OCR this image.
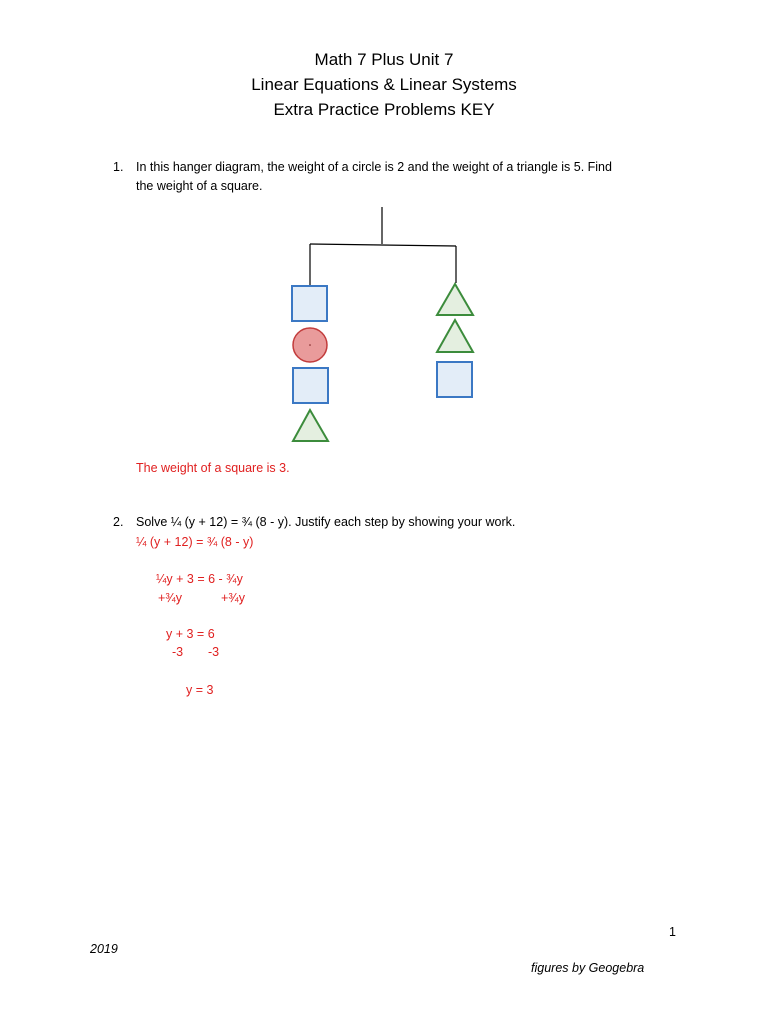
Math 7 Plus Unit 7
Linear Equations & Linear Systems
Extra Practice Problems KEY
1. In this hanger diagram, the weight of a circle is 2 and the weight of a triangle is 5. Find
the weight of a square.
The weight of a square is 3.
2. Solve ¼ (y + 12) = ¾ (8 - y). Justify each step by showing your work.
¼ (y + 12) = ¾ (8 - y)
¼y + 3 = 6 - ¾y
+¾y	+¾y
y + 3 = 6
-3 -3
y = 3
1
2019
figures by Geogebra
